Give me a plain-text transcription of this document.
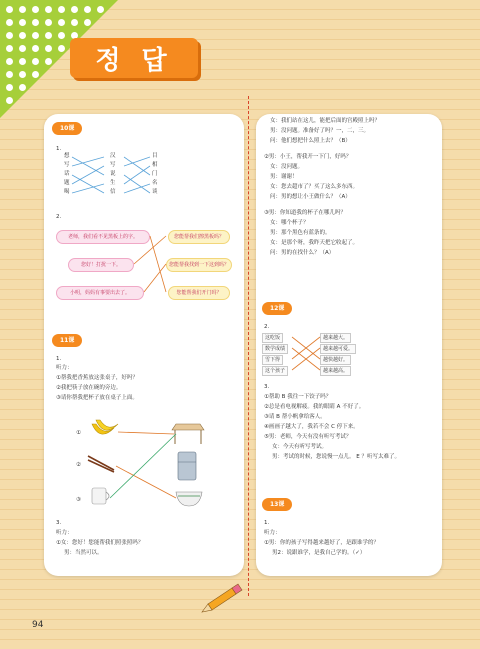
정 답
10课
1.
想
写
话
题
喝
汉
写
说
生
信
目
相
门
名
谈
2.
老师，我们看不见黑板上的字。
您好！打扰一下。
小明，妈妈有事要出去了。
您能帮我们擦黑板吗？
您能帮我找到一下这到吗？
您能帮我们开门吗？
11课
1.
听力：
①帮我把香蕉放这张桌子，好吗？
②我把筷子放在碗的旁边。
③请你帮我把杯子放在桌子上面。
①
②
③
3.
听力：
①女：您好！您能帮我们照张照吗？
男：当然可以。
女：我们站在这儿，能把后面的宫殿照上吗？
男：没问题。准备好了吗？一，二，三。
问：他们想把什么照上去？（B）
②男：小王，帮我开一下门，好吗？
女：没问题。
男：谢谢！
女：您去超市了？买了这么多东西。
问：男的想让小王做什么？（A）
③男：你知道我的杯子在哪儿吗？
女：哪个杯子？
男：那个黑色有蓝条的。
女：是那个呀，我昨天把它收起了。
问：男的在找什么？（A）
12课
2.
这吃饭
数学成绩
雪下得
这个孩子
越来越大。
越来越可爱。
越快越好。
越来越高。
3.
①帮助 B 我往一下饺子吗？
②总是看电视解疲。我的眼睛 A 不好了。
③请 B 帮小帆拿给客人。
④画画子越大了，我若不会 C 停下来。
⑤男：老师，今天有没有听写考试？
女：今天有听写考试。
男：考试的时候，您说慢一点儿。 E ？听写太难了。
13课
1.
听力：
①男：你的孩子写得越来越好了，是跟谁学的？
男2：说跟谁学，是我自己学的。（✓）
94
